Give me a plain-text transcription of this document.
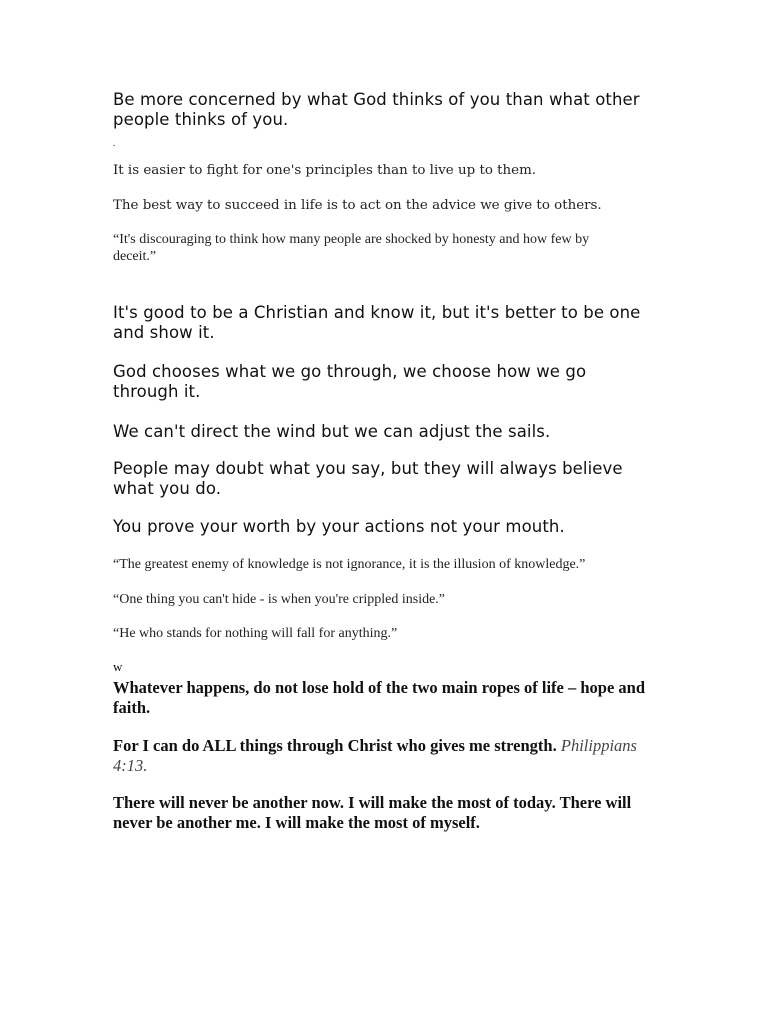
Be more concerned by what God thinks of you than what other people thinks of you.

.

It is easier to fight for one's principles than to live up to them.

The best way to succeed in life is to act on the advice we give to others.

“It's discouraging to think how many people are shocked by honesty and how few by deceit.”

It's good to be a Christian and know it, but it's better to be one and show it.

God chooses what we go through, we choose how we go through it.

We can't direct the wind but we can adjust the sails.

People may doubt what you say, but they will always believe what you do.

You prove your worth by your actions not your mouth.

“The greatest enemy of knowledge is not ignorance, it is the illusion of knowledge.”

“One thing you can't hide - is when you're crippled inside.”

“He who stands for nothing will fall for anything.”

w

Whatever happens, do not lose hold of the two main ropes of life – hope and faith.

For I can do ALL things through Christ who gives me strength. Philippians 4:13.

There will never be another now. I will make the most of today. There will never be another me. I will make the most of myself.
